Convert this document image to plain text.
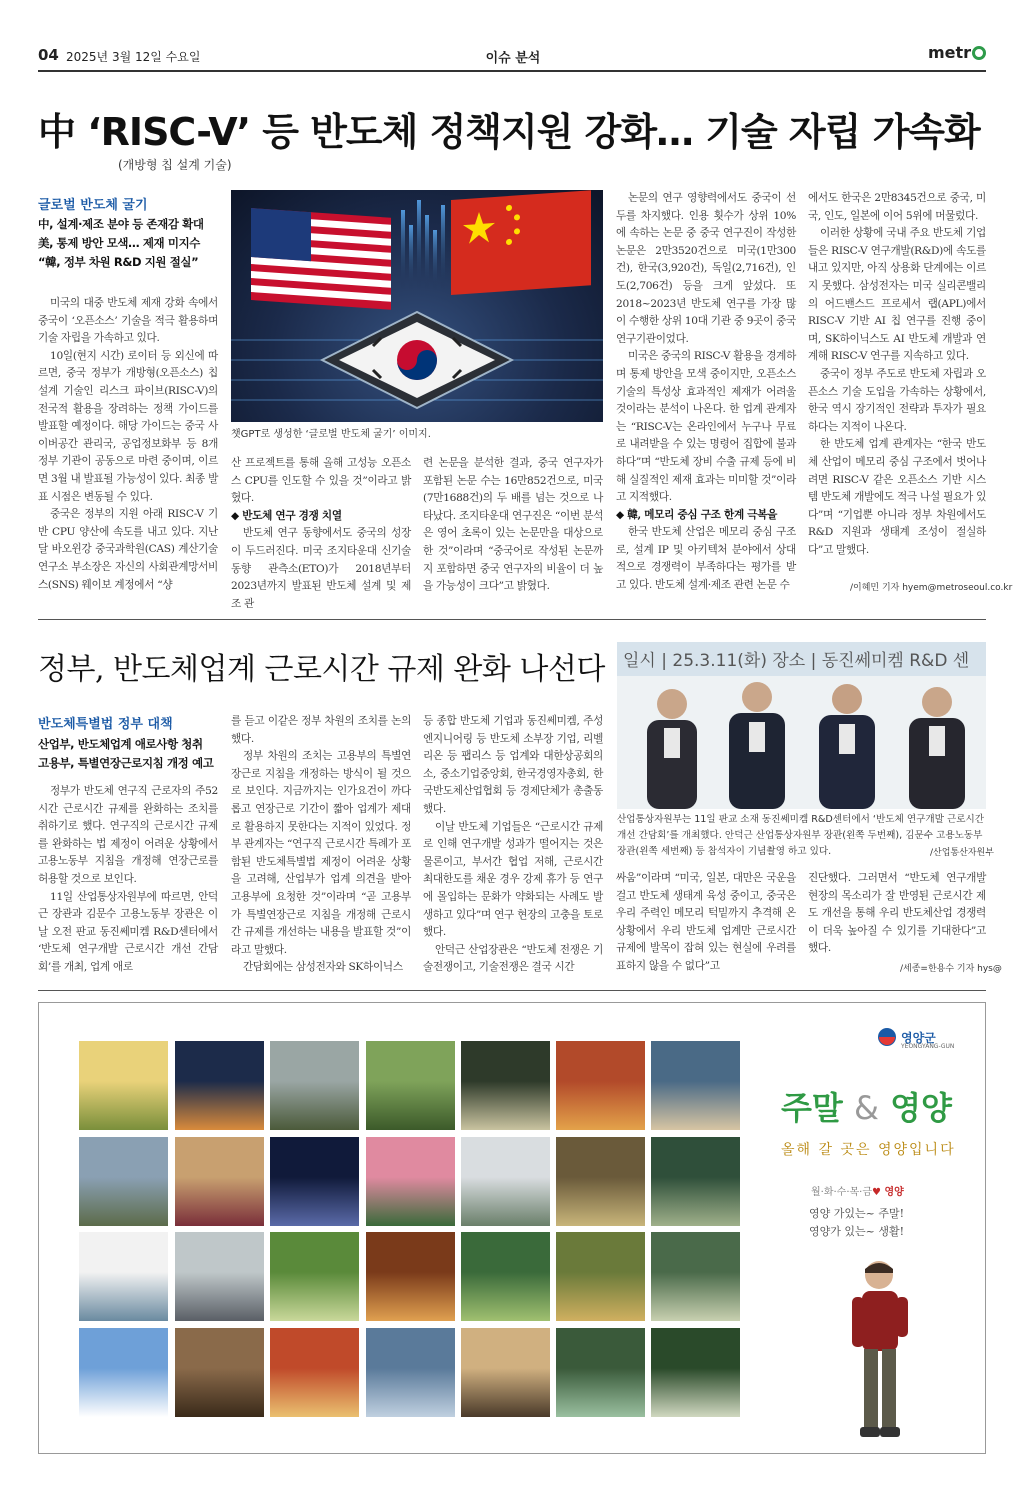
04 2025년 3월 12일 수요일	이슈 분석	metr
中 ‘RISC-V’ 등 반도체 정책지원 강화… 기술 자립 가속화
(개방형 칩 설계 기술)
글로벌 반도체 굴기
中, 설계·제조 분야 등 존재감 확대
美, 통제 방안 모색… 제재 미지수
“韓, 정부 차원 R&D 지원 절실”

미국의 대중 반도체 제재 강화 속에서 중국이 ‘오픈소스’ 기술을 적극 활용하며 기술 자립을 가속하고 있다.

10일(현지 시간) 로이터 등 외신에 따르면, 중국 정부가 개방형(오픈소스) 칩 설계 기술인 리스크 파이브(RISC-V)의 전국적 활용을 장려하는 정책 가이드를 발표할 예정이다. 해당 가이드는 중국 사이버공간 관리국, 공업정보화부 등 8개 정부 기관이 공동으로 마련 중이며, 이르면 3월 내 발표될 가능성이 있다. 최종 발표 시점은 변동될 수 있다.

중국은 정부의 지원 아래 RISC-V 기반 CPU 양산에 속도를 내고 있다. 지난달 바오윈강 중국과학원(CAS) 계산기술연구소 부소장은 자신의 사회관계망서비스(SNS) 웨이보 계정에서 “샹

챗GPT로 생성한 ‘글로벌 반도체 굴기’ 이미지.

산 프로젝트를 통해 올해 고성능 오픈소스 CPU를 인도할 수 있을 것”이라고 밝혔다.

◆ 반도체 연구 경쟁 치열

반도체 연구 동향에서도 중국의 성장이 두드러진다. 미국 조지타운대 신기술동향 관측소(ETO)가 2018년부터 2023년까지 발표된 반도체 설계 및 제조 관

련 논문을 분석한 결과, 중국 연구자가 포함된 논문 수는 16만852건으로, 미국(7만1688건)의 두 배를 넘는 것으로 나타났다. 조지타운대 연구진은 “이번 분석은 영어 초록이 있는 논문만을 대상으로 한 것”이라며 “중국어로 작성된 논문까지 포함하면 중국 연구자의 비율이 더 높을 가능성이 크다”고 밝혔다.

논문의 연구 영향력에서도 중국이 선두를 차지했다. 인용 횟수가 상위 10%에 속하는 논문 중 중국 연구진이 작성한 논문은 2만3520건으로 미국(1만300건), 한국(3,920건), 독일(2,716건), 인도(2,706건) 등을 크게 앞섰다. 또 2018~2023년 반도체 연구를 가장 많이 수행한 상위 10대 기관 중 9곳이 중국 연구기관이었다.

미국은 중국의 RISC-V 활용을 경계하며 통제 방안을 모색 중이지만, 오픈소스 기술의 특성상 효과적인 제재가 어려울 것이라는 분석이 나온다. 한 업계 관계자는 “RISC-V는 온라인에서 누구나 무료로 내려받을 수 있는 명령어 집합에 불과하다”며 “반도체 장비 수출 규제 등에 비해 실질적인 제재 효과는 미미할 것”이라고 지적했다.

◆ 韓, 메모리 중심 구조 한계 극복을

한국 반도체 산업은 메모리 중심 구조로, 설계 IP 및 아키텍처 분야에서 상대적으로 경쟁력이 부족하다는 평가를 받고 있다. 반도체 설계·제조 관련 논문 수

에서도 한국은 2만8345건으로 중국, 미국, 인도, 일본에 이어 5위에 머물렀다.

이러한 상황에 국내 주요 반도체 기업들은 RISC-V 연구개발(R&D)에 속도를 내고 있지만, 아직 상용화 단계에는 이르지 못했다. 삼성전자는 미국 실리콘밸리의 어드밴스드 프로세서 랩(APL)에서 RISC-V 기반 AI 칩 연구를 진행 중이며, SK하이닉스도 AI 반도체 개발과 연계해 RISC-V 연구를 지속하고 있다.

중국이 정부 주도로 반도체 자립과 오픈소스 기술 도입을 가속하는 상황에서, 한국 역시 장기적인 전략과 투자가 필요하다는 지적이 나온다.

한 반도체 업계 관계자는 “한국 반도체 산업이 메모리 중심 구조에서 벗어나려면 RISC-V 같은 오픈소스 기반 시스템 반도체 개발에도 적극 나설 필요가 있다”며 “기업뿐 아니라 정부 차원에서도 R&D 지원과 생태계 조성이 절실하다”고 말했다.

/이혜민 기자 hyem@metroseoul.co.kr
정부, 반도체업계 근로시간 규제 완화 나선다 일시 | 25.3.11(화) 장소 | 동진쎄미켐 R&D 센
산업통상자원부는 11일 판교 소재 동진쎄미켐 R&D센터에서 ‘반도체 연구개발 근로시간 개선 간담회’를 개최했다. 안덕근 산업통상자원부 장관(왼쪽 두번째), 김문수 고용노동부 장관(왼쪽 세번째) 등 참석자이 기념촬영 하고 있다.	/산업통산자원부
반도체특별법 정부 대책
산업부, 반도체업계 애로사항 청취
고용부, 특별연장근로지침 개정 예고

정부가 반도체 연구직 근로자의 주52시간 근로시간 규제를 완화하는 조치를 취하기로 했다. 연구직의 근로시간 규제를 완화하는 법 제정이 어려운 상황에서 고용노동부 지침을 개정해 연장근로를 허용할 것으로 보인다.

11일 산업통상자원부에 따르면, 안덕근 장관과 김문수 고용노동부 장관은 이날 오전 판교 동진쎄미켐 R&D센터에서 ‘반도체 연구개발 근로시간 개선 간담회’를 개최, 업계 애로

를 듣고 이같은 정부 차원의 조치를 논의했다.

정부 차원의 조치는 고용부의 특별연장근로 지침을 개정하는 방식이 될 것으로 보인다. 지금까지는 인가요건이 까다롭고 연장근로 기간이 짧아 업계가 제대로 활용하지 못한다는 지적이 있었다. 정부 관계자는 “연구직 근로시간 특례가 포함된 반도체특별법 제정이 어려운 상황을 고려해, 산업부가 업계 의견을 받아 고용부에 요청한 것”이라며 “곧 고용부가 특별연장근로 지침을 개정해 근로시간 규제를 개선하는 내용을 발표할 것”이라고 말했다.

간담회에는 삼성전자와 SK하이닉스

등 종합 반도체 기업과 동진쎄미켐, 주성엔지니어링 등 반도체 소부장 기업, 리벨리온 등 팹리스 등 업계와 대한상공회의소, 중소기업중앙회, 한국경영자총회, 한국반도체산업협회 등 경제단체가 총출동했다.

이날 반도체 기업들은 “근로시간 규제로 인해 연구개발 성과가 떨어지는 것은 물론이고, 부서간 협업 저해, 근로시간 최대한도를 채운 경우 강제 휴가 등 연구에 몰입하는 문화가 약화되는 사례도 발생하고 있다”며 연구 현장의 고충을 토로했다.

안덕근 산업장관은 “반도체 전쟁은 기술전쟁이고, 기술전쟁은 결국 시간

싸움”이라며 “미국, 일본, 대만은 국운을 걸고 반도체 생태계 육성 중이고, 중국은 우리 주력인 메모리 턱밑까지 추격해 온 상황에서 우리 반도체 업계만 근로시간 규제에 발목이 잡혀 있는 현실에 우려를 표하지 않을 수 없다”고

진단했다. 그러면서 “반도체 연구개발 현장의 목소리가 잘 반영된 근로시간 제도 개선을 통해 우리 반도체산업 경쟁력이 더욱 높아질 수 있기를 기대한다”고 했다.

/세종=한용수 기자 hys@
영양군
YEONGYANG-GUN
주말 & 영양
올해 갈 곳은 영양입니다
월·화·수·목·금♥ 영양
영양 가있는~ 주말!
영양가 있는~ 생활!
